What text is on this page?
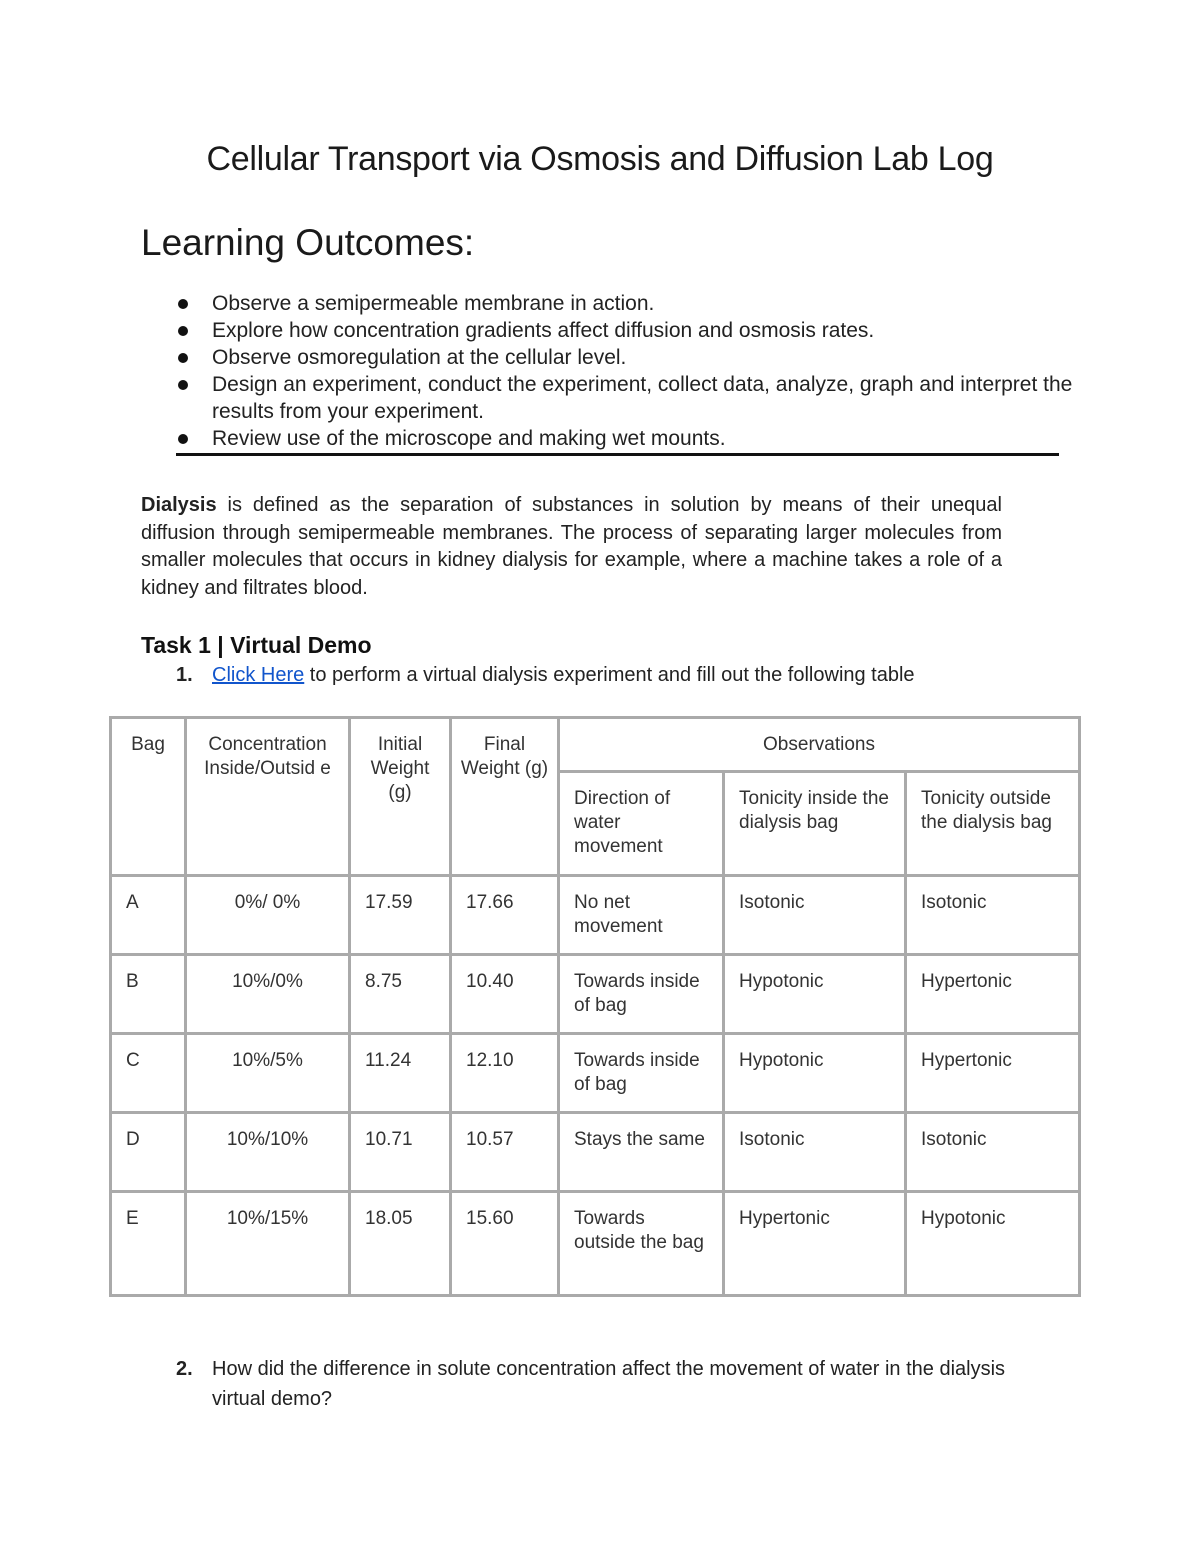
Cellular Transport via Osmosis and Diffusion Lab Log
Learning Outcomes:
Observe a semipermeable membrane in action.
Explore how concentration gradients affect diffusion and osmosis rates.
Observe osmoregulation at the cellular level.
Design an experiment, conduct the experiment, collect data, analyze, graph and interpret the results from your experiment.
Review use of the microscope and making wet mounts.
Dialysis is defined as the separation of substances in solution by means of their unequal diffusion through semipermeable membranes. The process of separating larger molecules from smaller molecules that occurs in kidney dialysis for example, where a machine takes a role of a kidney and filtrates blood.
Task 1 | Virtual Demo
1. Click Here to perform a virtual dialysis experiment and fill out the following table
Bag	Concentration Inside/Outsid e	Initial Weight (g)	Final Weight (g)	Observations		
				Direction of water movement	Tonicity inside the dialysis bag	Tonicity outside the dialysis bag
A	0%/ 0%	17.59	17.66	No net movement	Isotonic	Isotonic
B	10%/0%	8.75	10.40	Towards inside of bag	Hypotonic	Hypertonic
C	10%/5%	11.24	12.10	Towards inside of bag	Hypotonic	Hypertonic
D	10%/10%	10.71	10.57	Stays the same	Isotonic	Isotonic
E	10%/15%	18.05	15.60	Towards outside the bag	Hypertonic	Hypotonic
2. How did the difference in solute concentration affect the movement of water in the dialysis virtual demo?
